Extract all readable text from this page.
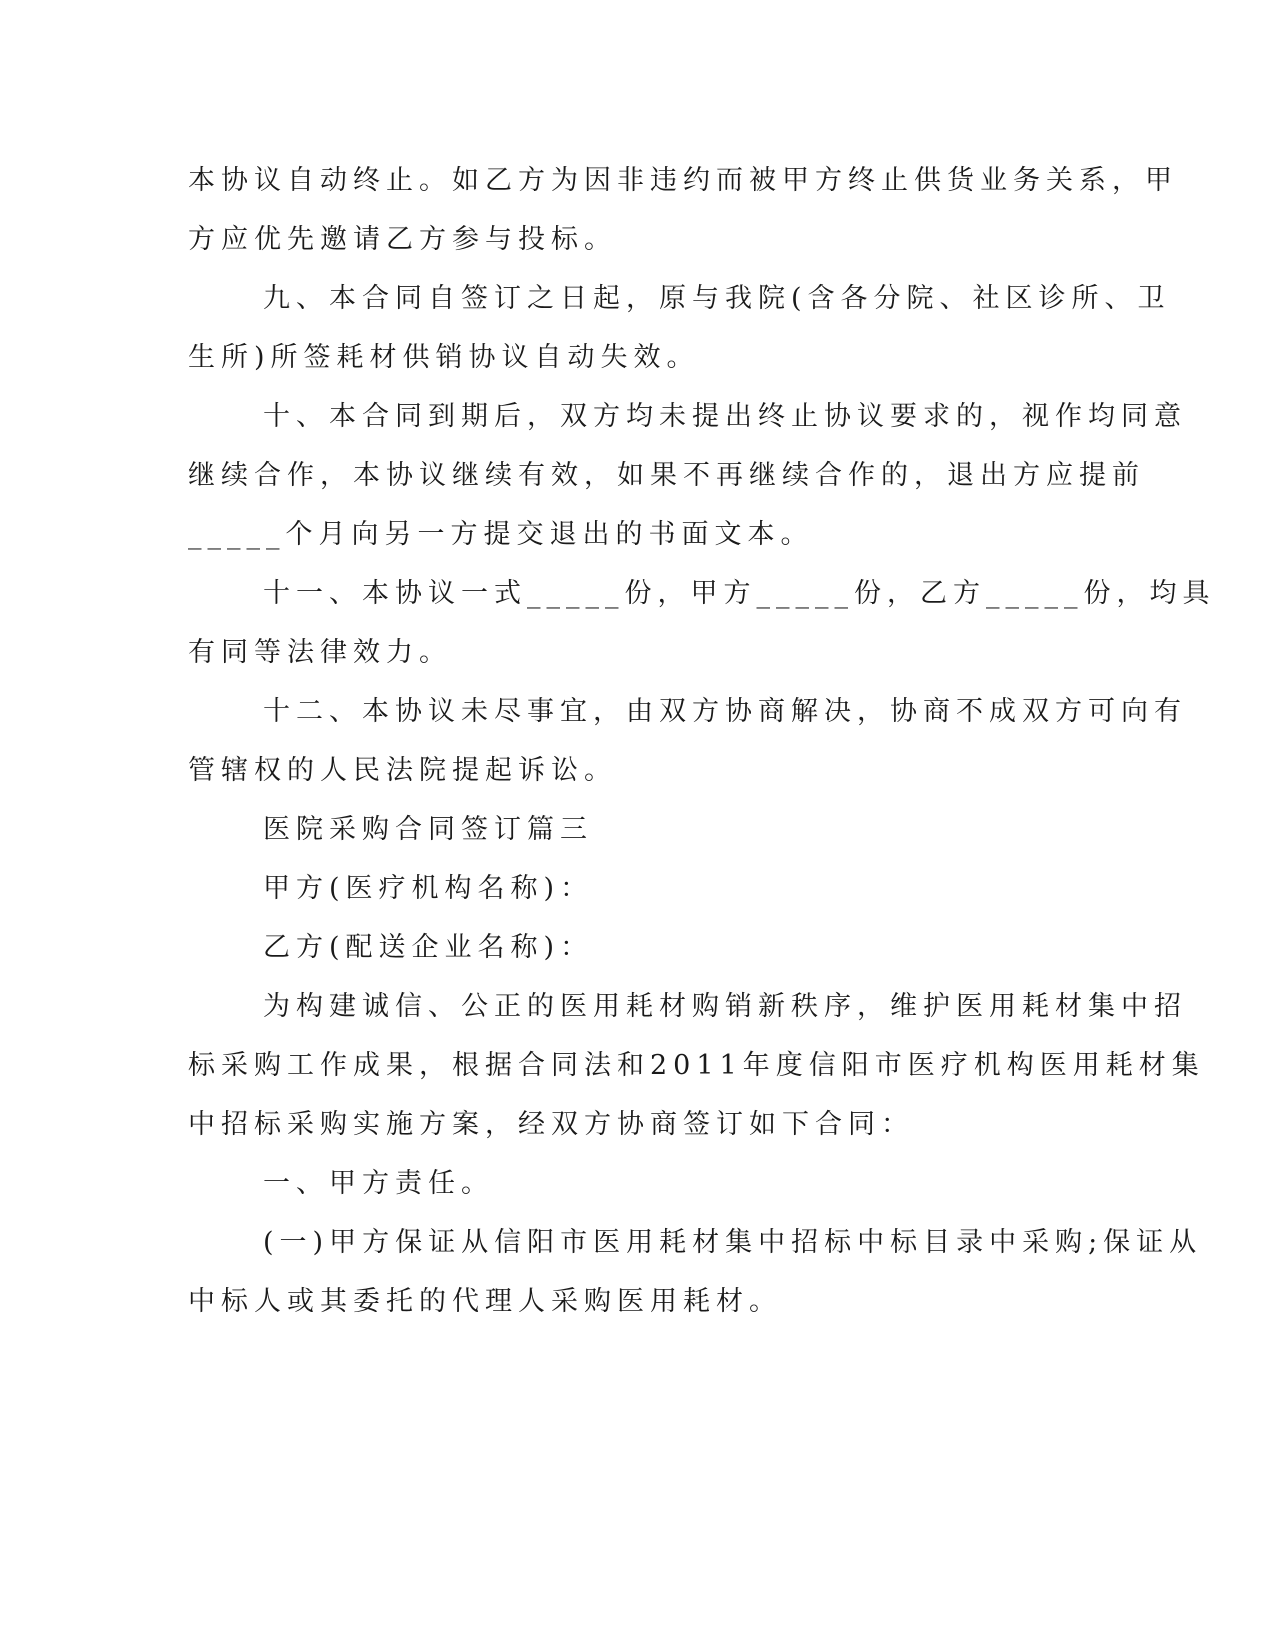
本协议自动终止。如乙方为因非违约而被甲方终止供货业务关系，甲
方应优先邀请乙方参与投标。
九、本合同自签订之日起，原与我院(含各分院、社区诊所、卫
生所)所签耗材供销协议自动失效。
十、本合同到期后，双方均未提出终止协议要求的，视作均同意
继续合作，本协议继续有效，如果不再继续合作的，退出方应提前
_____个月向另一方提交退出的书面文本。
十一、本协议一式_____份，甲方_____份，乙方_____份，均具
有同等法律效力。
十二、本协议未尽事宜，由双方协商解决，协商不成双方可向有
管辖权的人民法院提起诉讼。
医院采购合同签订篇三
甲方(医疗机构名称)：
乙方(配送企业名称)：
为构建诚信、公正的医用耗材购销新秩序，维护医用耗材集中招
标采购工作成果，根据合同法和2011年度信阳市医疗机构医用耗材集
中招标采购实施方案，经双方协商签订如下合同：
一、甲方责任。
(一)甲方保证从信阳市医用耗材集中招标中标目录中采购;保证从
中标人或其委托的代理人采购医用耗材。
